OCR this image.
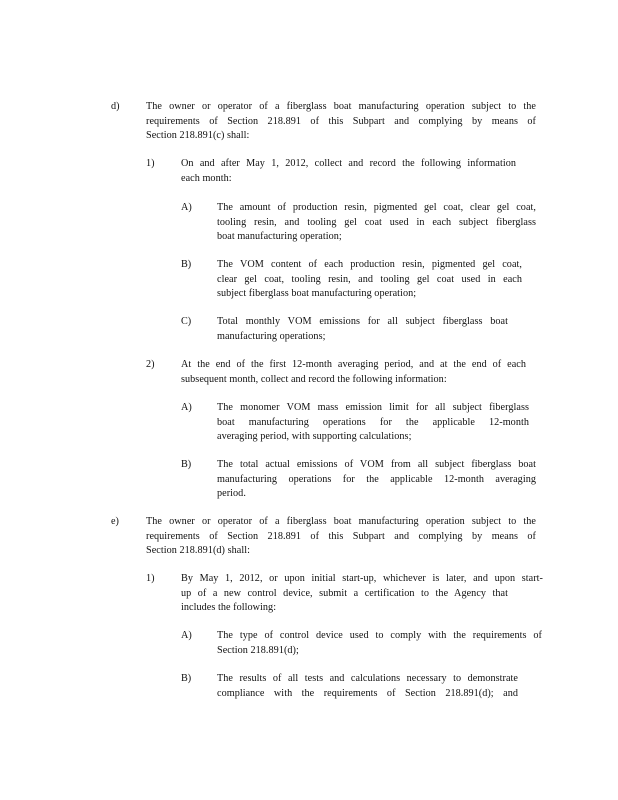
d)	The owner or operator of a fiberglass boat manufacturing operation subject to the
requirements of Section 218.891 of this Subpart and complying by means of
Section 218.891(c) shall:
1)	On and after May 1, 2012, collect and record the following information
each month:
A) The amount of production resin, pigmented gel coat, clear gel coat,
tooling resin, and tooling gel coat used in each subject fiberglass
boat manufacturing operation;
B)	The VOM content of each production resin, pigmented gel coat,
clear gel coat, tooling resin, and tooling gel coat used in each
subject fiberglass boat manufacturing operation;
C)	Total monthly VOM emissions for all subject fiberglass boat
manufacturing operations;
2)	At the end of the first 12-month averaging period, and at the end of each
subsequent month, collect and record the following information:
A) The monomer VOM mass emission limit for all subject fiberglass
boat manufacturing operations for the applicable 12-month
averaging period, with supporting calculations;
B)	The total actual emissions of VOM from all subject fiberglass boat
manufacturing operations for the applicable 12-month averaging
period.
e)	The owner or operator of a fiberglass boat manufacturing operation subject to the
requirements of Section 218.891 of this Subpart and complying by means of
Section 218.891(d) shall:
1)	By May 1, 2012, or upon initial start-up, whichever is later, and upon start-
up of a new control device, submit a certification to the Agency that
includes the following:
A) The type of control device used to comply with the requirements of
Section 218.891(d);
B)	The results of all tests and calculations necessary to demonstrate
compliance with the requirements of Section 218.891(d); and
